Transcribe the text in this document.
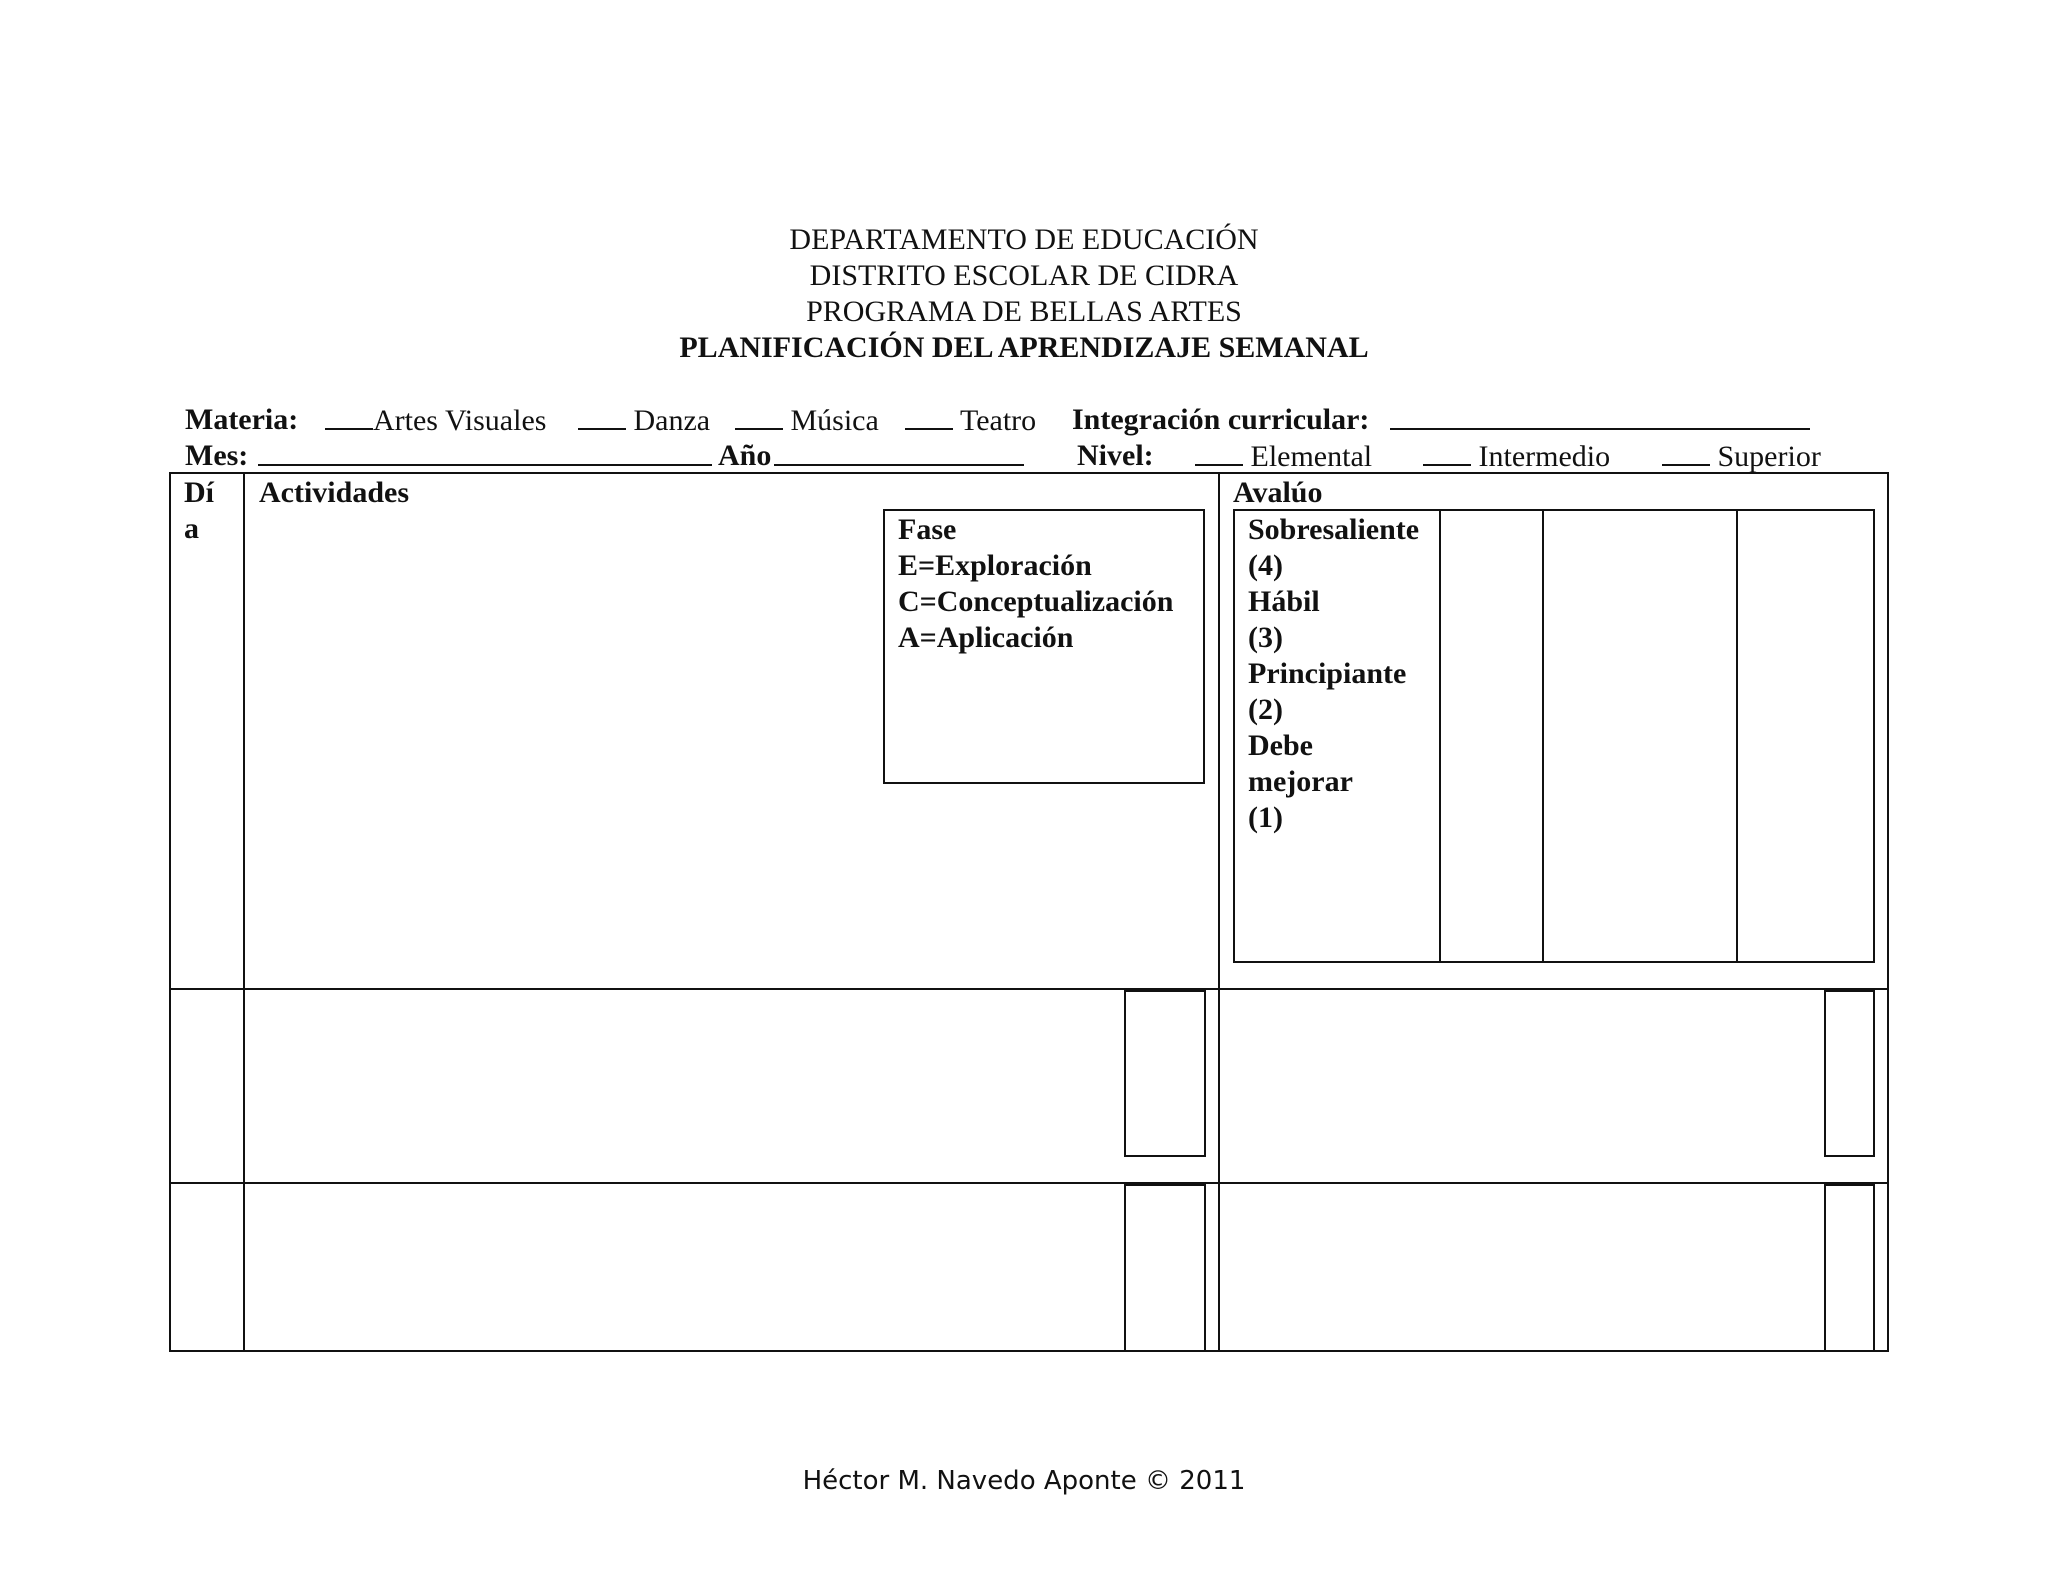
DEPARTAMENTO DE EDUCACIÓN
DISTRITO ESCOLAR DE CIDRA
PROGRAMA DE BELLAS ARTES
PLANIFICACIÓN DEL APRENDIZAJE SEMANAL
Materia:	Artes Visuales	Danza	Música	Teatro Integración curricular:
Mes:	Año	Nivel:	Elemental	Intermedio	Superior
Dí
a
Actividades	Avalúo
Fase
E=Exploración
C=Conceptualización
A=Aplicación
Sobresaliente
(4)
Hábil
(3)
Principiante
(2)
Debe
mejorar
(1)
Héctor M. Navedo Aponte © 2011
